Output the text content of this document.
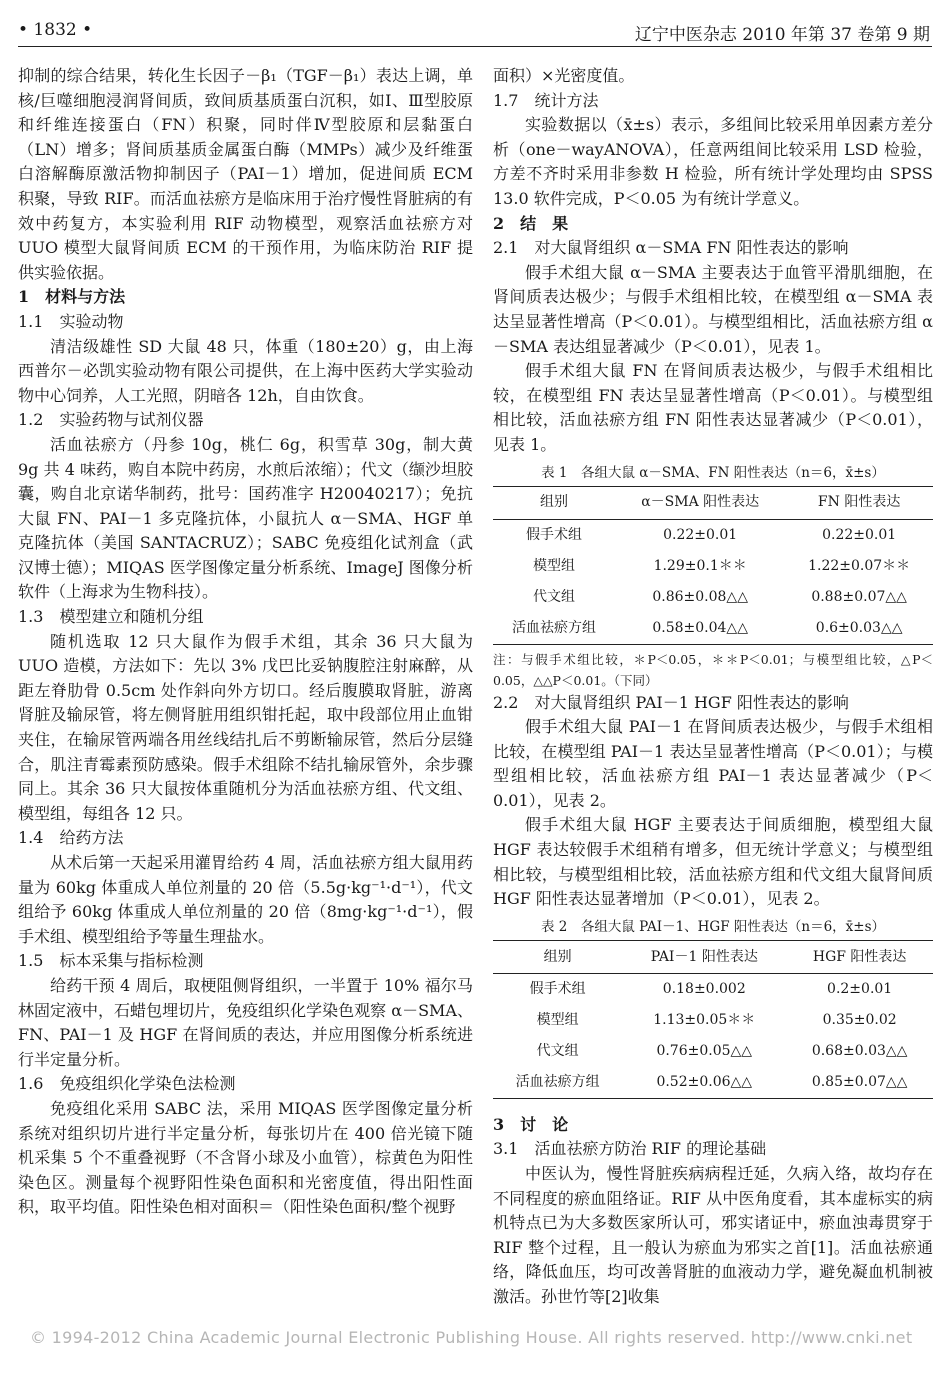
• 1832 •	辽宁中医杂志 2010 年第 37 卷第 9 期

抑制的综合结果，转化生长因子－β₁（TGF－β₁）表达上调，单核/巨噬细胞浸润肾间质，致间质基质蛋白沉积，如Ⅰ、Ⅲ型胶原和纤维连接蛋白（FN）积聚，同时伴Ⅳ型胶原和层黏蛋白（LN）增多；肾间质基质金属蛋白酶（MMPs）减少及纤维蛋白溶解酶原激活物抑制因子（PAI－1）增加，促进间质 ECM 积聚，导致 RIF。而活血祛瘀方是临床用于治疗慢性肾脏病的有效中药复方，本实验利用 RIF 动物模型，观察活血祛瘀方对 UUO 模型大鼠肾间质 ECM 的干预作用，为临床防治 RIF 提供实验依据。

1　材料与方法

1.1　实验动物

清洁级雄性 SD 大鼠 48 只，体重（180±20）g，由上海西普尔－必凯实验动物有限公司提供，在上海中医药大学实验动物中心饲养，人工光照，阴暗各 12h，自由饮食。

1.2　实验药物与试剂仪器

活血祛瘀方（丹参 10g，桃仁 6g，积雪草 30g，制大黄 9g 共 4 味药，购自本院中药房，水煎后浓缩）；代文（缬沙坦胶囊，购自北京诺华制药，批号：国药准字 H20040217）；免抗大鼠 FN、PAI－1 多克隆抗体，小鼠抗人 α－SMA、HGF 单克隆抗体（美国 SANTACRUZ）；SABC 免疫组化试剂盒（武汉博士德）；MIQAS 医学图像定量分析系统、ImageJ 图像分析软件（上海求为生物科技）。

1.3　模型建立和随机分组

随机选取 12 只大鼠作为假手术组，其余 36 只大鼠为 UUO 造模，方法如下：先以 3% 戊巴比妥钠腹腔注射麻醉，从距左脊肋骨 0.5cm 处作斜向外方切口。经后腹膜取肾脏，游离肾脏及输尿管，将左侧肾脏用组织钳托起，取中段部位用止血钳夹住，在输尿管两端各用丝线结扎后不剪断输尿管，然后分层缝合，肌注青霉素预防感染。假手术组除不结扎输尿管外，余步骤同上。其余 36 只大鼠按体重随机分为活血祛瘀方组、代文组、模型组，每组各 12 只。

1.4　给药方法

从术后第一天起采用灌胃给药 4 周，活血祛瘀方组大鼠用药量为 60kg 体重成人单位剂量的 20 倍（5.5g·kg⁻¹·d⁻¹），代文组给予 60kg 体重成人单位剂量的 20 倍（8mg·kg⁻¹·d⁻¹），假手术组、模型组给予等量生理盐水。

1.5　标本采集与指标检测

给药干预 4 周后，取梗阻侧肾组织，一半置于 10% 福尔马林固定液中，石蜡包埋切片，免疫组织化学染色观察 α－SMA、FN、PAI－1 及 HGF 在肾间质的表达，并应用图像分析系统进行半定量分析。

1.6　免疫组织化学染色法检测

免疫组化采用 SABC 法，采用 MIQAS 医学图像定量分析系统对组织切片进行半定量分析，每张切片在 400 倍光镜下随机采集 5 个不重叠视野（不含肾小球及小血管），棕黄色为阳性染色区。测量每个视野阳性染色面积和光密度值，得出阳性面积，取平均值。阳性染色相对面积＝（阳性染色面积/整个视野

面积）×光密度值。

1.7　统计方法

实验数据以（x̄±s）表示，多组间比较采用单因素方差分析（one－wayANOVA），任意两组间比较采用 LSD 检验，方差不齐时采用非参数 H 检验，所有统计学处理均由 SPSS 13.0 软件完成，P＜0.05 为有统计学意义。

2　结　果

2.1　对大鼠肾组织 α－SMA FN 阳性表达的影响

假手术组大鼠 α－SMA 主要表达于血管平滑肌细胞，在肾间质表达极少；与假手术组相比较，在模型组 α－SMA 表达呈显著性增高（P＜0.01）。与模型组相比，活血祛瘀方组 α－SMA 表达组显著减少（P＜0.01），见表 1。

假手术组大鼠 FN 在肾间质表达极少，与假手术组相比较，在模型组 FN 表达呈显著性增高（P＜0.01）。与模型组相比较，活血祛瘀方组 FN 阳性表达显著减少（P＜0.01），见表 1。

表 1　各组大鼠 α－SMA、FN 阳性表达（n＝6，x̄±s）
组别	α－SMA 阳性表达	FN 阳性表达
假手术组	0.22±0.01	0.22±0.01
模型组	1.29±0.1＊＊	1.22±0.07＊＊
代文组	0.86±0.08△△	0.88±0.07△△
活血祛瘀方组	0.58±0.04△△	0.6±0.03△△

注：与假手术组比较，＊P＜0.05，＊＊P＜0.01；与模型组比较，△P＜0.05，△△P＜0.01。（下同）

2.2　对大鼠肾组织 PAI－1 HGF 阳性表达的影响

假手术组大鼠 PAI－1 在肾间质表达极少，与假手术组相比较，在模型组 PAI－1 表达呈显著性增高（P＜0.01）；与模型组相比较，活血祛瘀方组 PAI－1 表达显著减少（P＜0.01），见表 2。

假手术组大鼠 HGF 主要表达于间质细胞，模型组大鼠 HGF 表达较假手术组稍有增多，但无统计学意义；与模型组相比较，与模型组相比较，活血祛瘀方组和代文组大鼠肾间质 HGF 阳性表达显著增加（P＜0.01），见表 2。

表 2　各组大鼠 PAI－1、HGF 阳性表达（n＝6，x̄±s）
组别	PAI－1 阳性表达	HGF 阳性表达
假手术组	0.18±0.002	0.2±0.01
模型组	1.13±0.05＊＊	0.35±0.02
代文组	0.76±0.05△△	0.68±0.03△△
活血祛瘀方组	0.52±0.06△△	0.85±0.07△△

3　讨　论

3.1　活血祛瘀方防治 RIF 的理论基础

中医认为，慢性肾脏疾病病程迁延，久病入络，故均存在不同程度的瘀血阻络证。RIF 从中医角度看，其本虚标实的病机特点已为大多数医家所认可，邪实诸证中，瘀血浊毒贯穿于 RIF 整个过程，且一般认为瘀血为邪实之首[1]。活血祛瘀通络，降低血压，均可改善肾脏的血液动力学，避免凝血机制被激活。孙世竹等[2]收集

© 1994-2012 China Academic Journal Electronic Publishing House. All rights reserved. http://www.cnki.net
